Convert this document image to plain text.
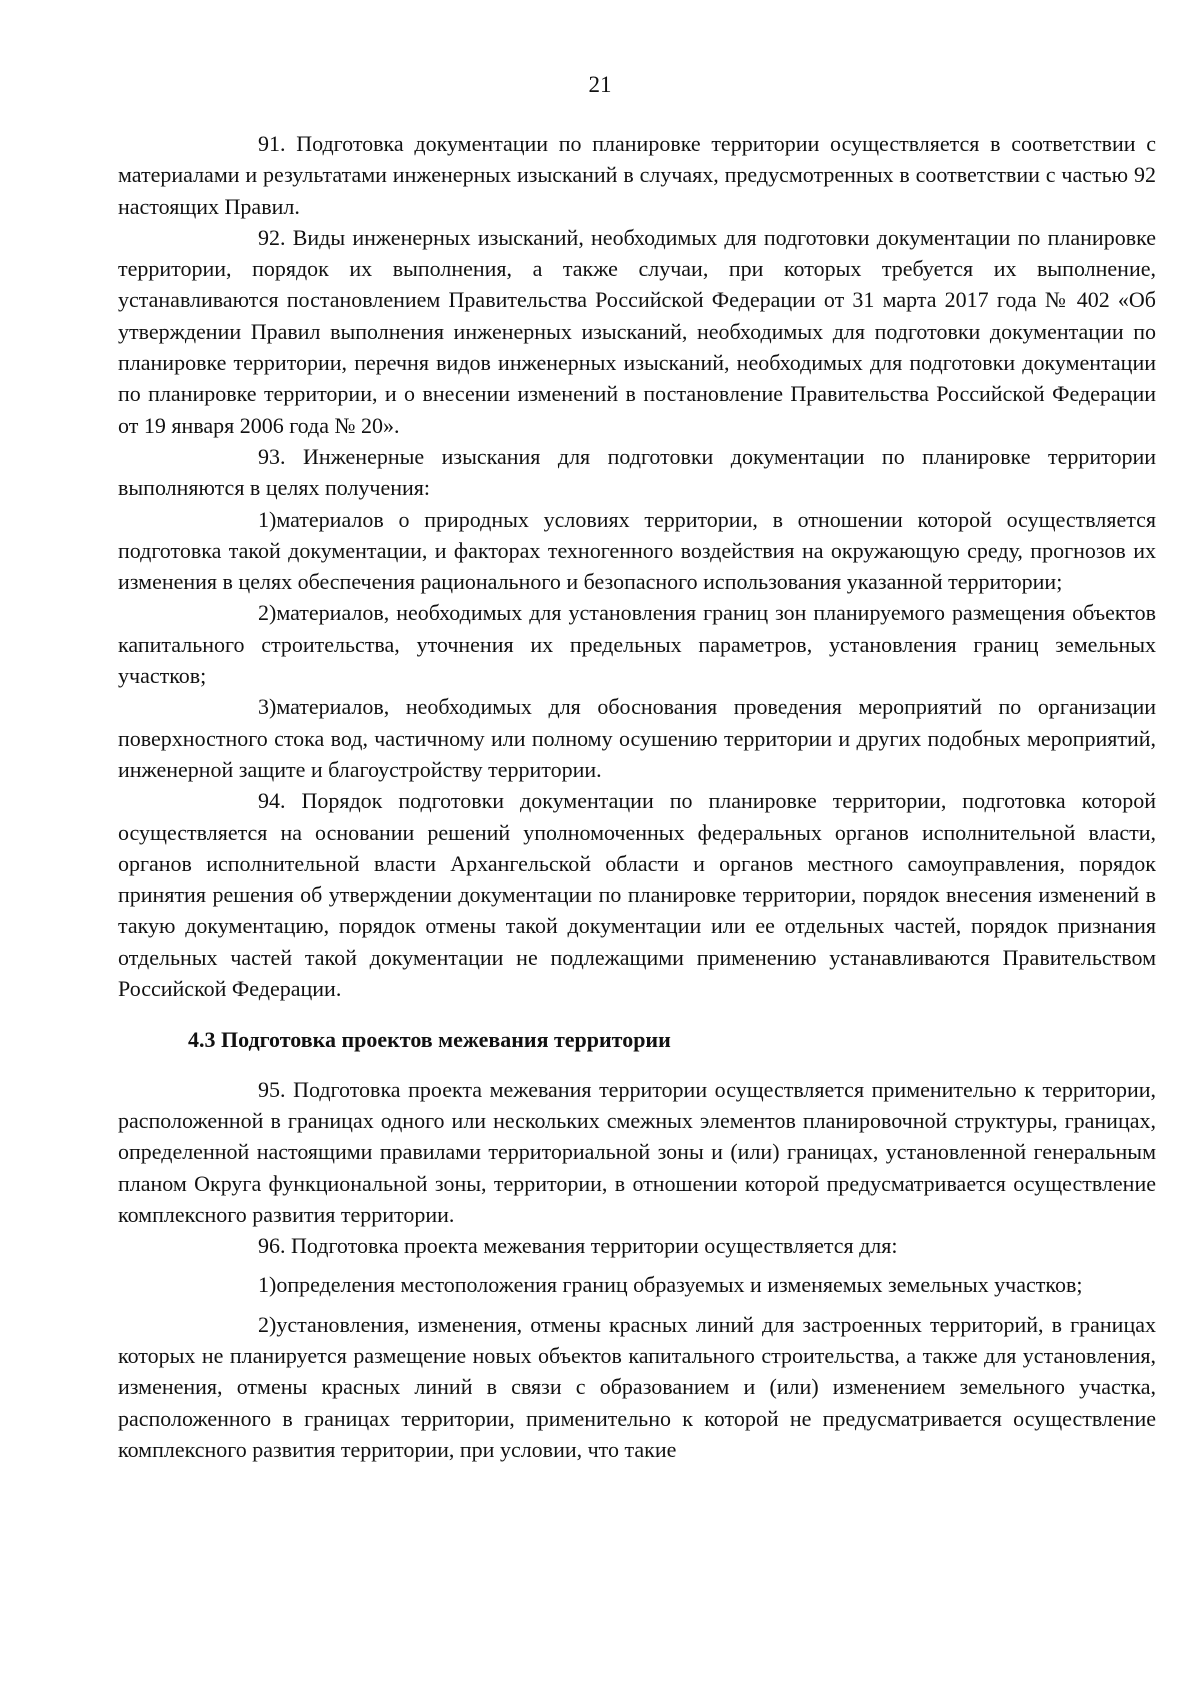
21

91. Подготовка документации по планировке территории осуществляется в соответствии с материалами и результатами инженерных изысканий в случаях, предусмотренных в соответствии с частью 92 настоящих Правил.

92. Виды инженерных изысканий, необходимых для подготовки документации по планировке территории, порядок их выполнения, а также случаи, при которых требуется их выполнение, устанавливаются постановлением Правительства Российской Федерации от 31 марта 2017 года № 402 «Об утверждении Правил выполнения инженерных изысканий, необходимых для подготовки документации по планировке территории, перечня видов инженерных изысканий, необходимых для подготовки документации по планировке территории, и о внесении изменений в постановление Правительства Российской Федерации от 19 января 2006 года № 20».

93. Инженерные изыскания для подготовки документации по планировке территории выполняются в целях получения:

1)материалов о природных условиях территории, в отношении которой осуществляется подготовка такой документации, и факторах техногенного воздействия на окружающую среду, прогнозов их изменения в целях обеспечения рационального и безопасного использования указанной территории;

2)материалов, необходимых для установления границ зон планируемого размещения объектов капитального строительства, уточнения их предельных параметров, установления границ земельных участков;

3)материалов, необходимых для обоснования проведения мероприятий по организации поверхностного стока вод, частичному или полному осушению территории и других подобных мероприятий, инженерной защите и благоустройству территории.

94. Порядок подготовки документации по планировке территории, подготовка которой осуществляется на основании решений уполномоченных федеральных органов исполнительной власти, органов исполнительной власти Архангельской области и органов местного самоуправления, порядок принятия решения об утверждении документации по планировке территории, порядок внесения изменений в такую документацию, порядок отмены такой документации или ее отдельных частей, порядок признания отдельных частей такой документации не подлежащими применению устанавливаются Правительством Российской Федерации.

4.3 Подготовка проектов межевания территории

95. Подготовка проекта межевания территории осуществляется применительно к территории, расположенной в границах одного или нескольких смежных элементов планировочной структуры, границах, определенной настоящими правилами территориальной зоны и (или) границах, установленной генеральным планом Округа функциональной зоны, территории, в отношении которой предусматривается осуществление комплексного развития территории.

96. Подготовка проекта межевания территории осуществляется для:

1)определения местоположения границ образуемых и изменяемых земельных участков;

2)установления, изменения, отмены красных линий для застроенных территорий, в границах которых не планируется размещение новых объектов капитального строительства, а также для установления, изменения, отмены красных линий в связи с образованием и (или) изменением земельного участка, расположенного в границах территории, применительно к которой не предусматривается осуществление комплексного развития территории, при условии, что такие
